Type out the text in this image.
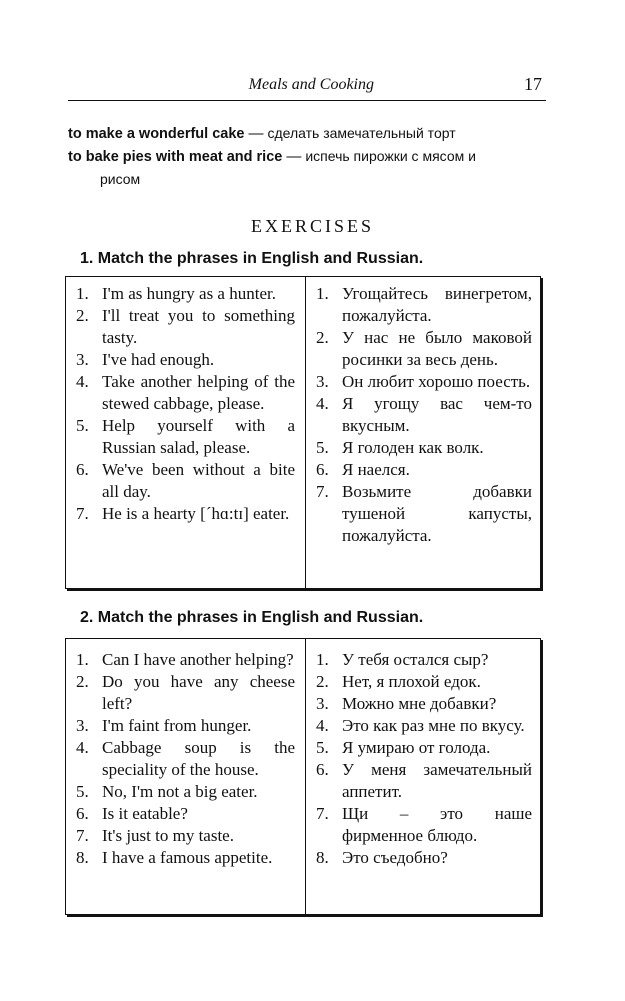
Meals and Cooking	17
to make a wonderful cake — сделать замечательный торт
to bake pies with meat and rice — испечь пирожки с мясом и
рисом
EXERCISES
1. Match the phrases in English and Russian.
1. I'm as hungry as a hunter.
2. I'll treat you to something tasty.
3. I've had enough.
4. Take another helping of the stewed cabbage, please.
5. Help yourself with a Russian salad, please.
6. We've been without a bite all day.
7. He is a hearty [ˊhɑ:tɪ] eater.
1. Угощайтесь винегретом, пожалуйста.
2. У нас не было маковой росинки за весь день.
3. Он любит хорошо поесть.
4. Я угощу вас чем-то вкусным.
5. Я голоден как волк.
6. Я наелся.
7. Возьмите добавки тушеной капусты, пожалуйста.
2. Match the phrases in English and Russian.
1. Can I have another helping?
2. Do you have any cheese left?
3. I'm faint from hunger.
4. Cabbage soup is the speciality of the house.
5. No, I'm not a big eater.
6. Is it eatable?
7. It's just to my taste.
8. I have a famous appetite.
1. У тебя остался сыр?
2. Нет, я плохой едок.
3. Можно мне добавки?
4. Это как раз мне по вкусу.
5. Я умираю от голода.
6. У меня замечательный аппетит.
7. Щи – это наше фирменное блюдо.
8. Это съедобно?
